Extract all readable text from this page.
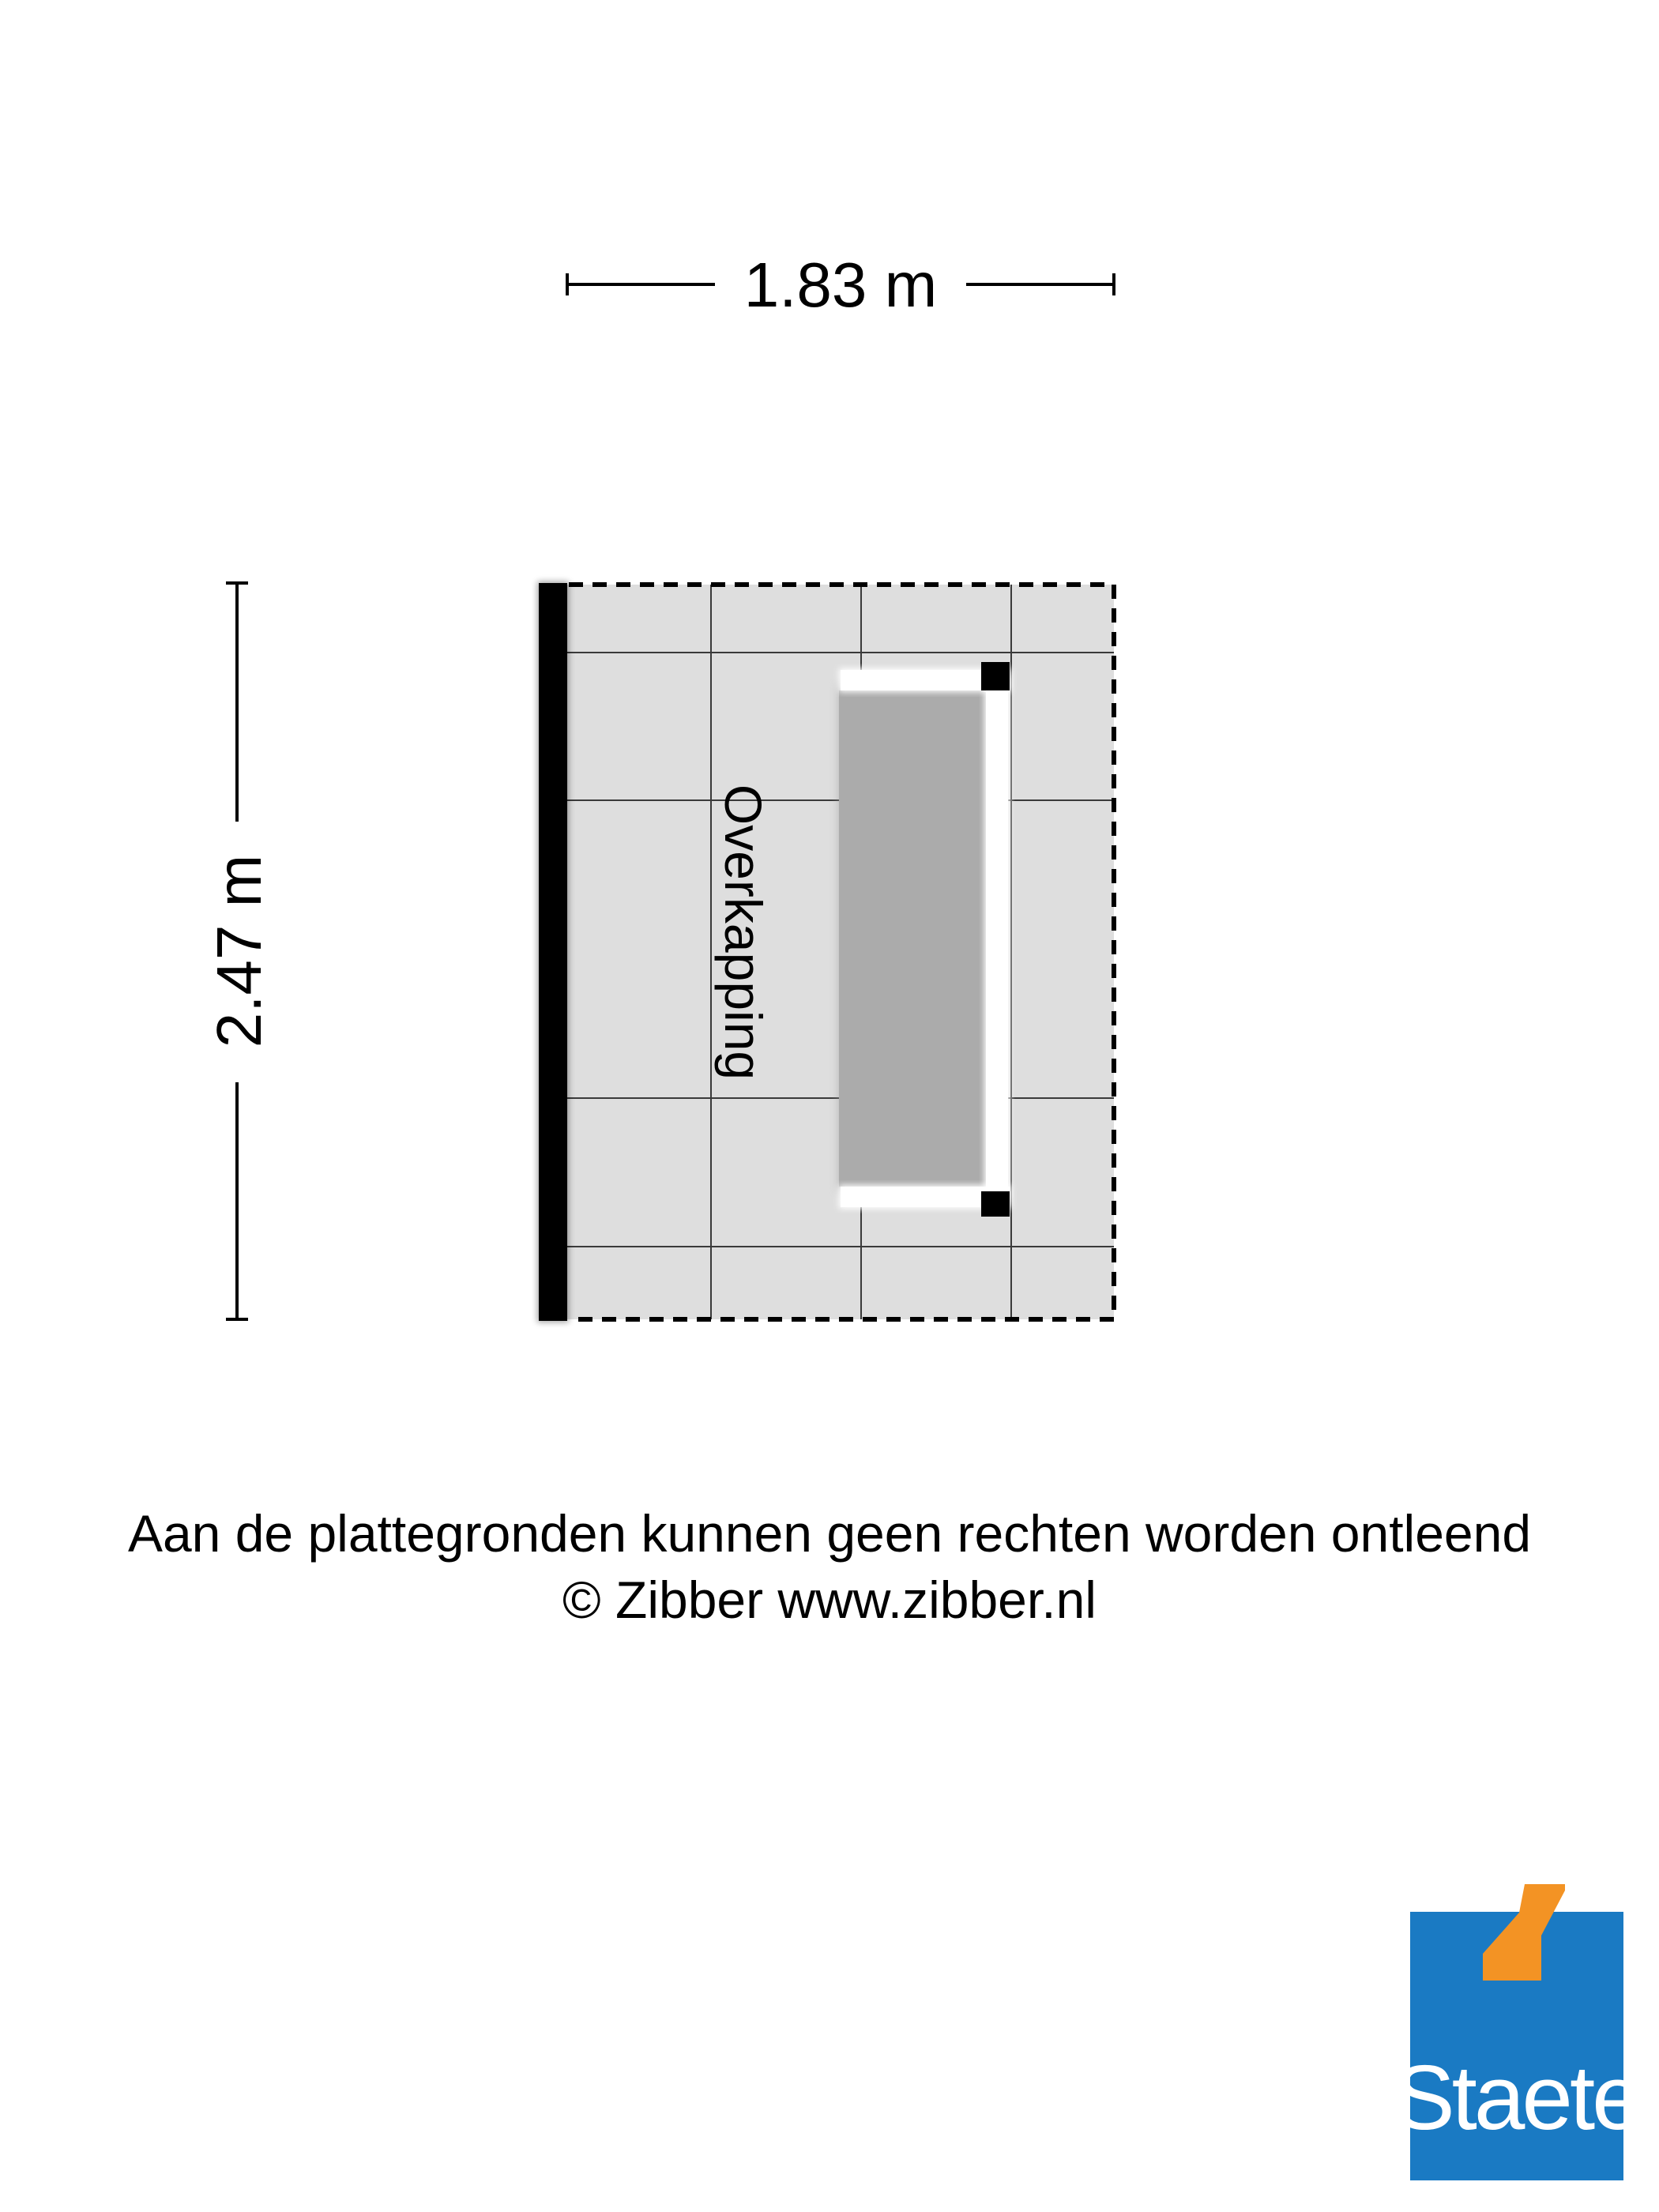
1.83 m
2.47 m	Overkapping
Aan de plattegronden kunnen geen rechten worden ontleend
© Zibber www.zibber.nl
Staete
